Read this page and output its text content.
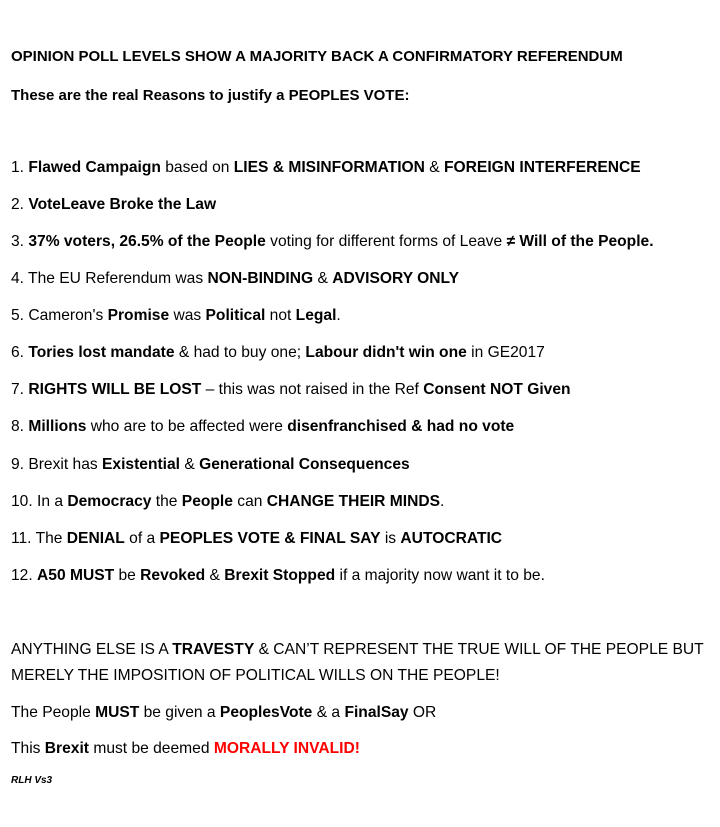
OPINION POLL LEVELS SHOW A MAJORITY BACK A CONFIRMATORY REFERENDUM
These are the real Reasons to justify a PEOPLES VOTE:
1. Flawed Campaign based on LIES & MISINFORMATION & FOREIGN INTERFERENCE
2. VoteLeave Broke the Law
3. 37% voters, 26.5% of the People voting for different forms of Leave ≠ Will of the People.
4. The EU Referendum was NON-BINDING & ADVISORY ONLY
5. Cameron's Promise was Political not Legal.
6. Tories lost mandate & had to buy one; Labour didn't win one in GE2017
7. RIGHTS WILL BE LOST – this was not raised in the Ref Consent NOT Given
8. Millions who are to be affected were disenfranchised & had no vote
9. Brexit has Existential & Generational Consequences
10. In a Democracy the People can CHANGE THEIR MINDS.
11. The DENIAL of a PEOPLES VOTE & FINAL SAY is AUTOCRATIC
12. A50 MUST be Revoked & Brexit Stopped if a majority now want it to be.
ANYTHING ELSE IS A TRAVESTY & CAN’T REPRESENT THE TRUE WILL OF THE PEOPLE BUT
MERELY THE IMPOSITION OF POLITICAL WILLS ON THE PEOPLE!
The People MUST be given a PeoplesVote & a FinalSay OR
This Brexit must be deemed MORALLY INVALID!
RLH Vs3
